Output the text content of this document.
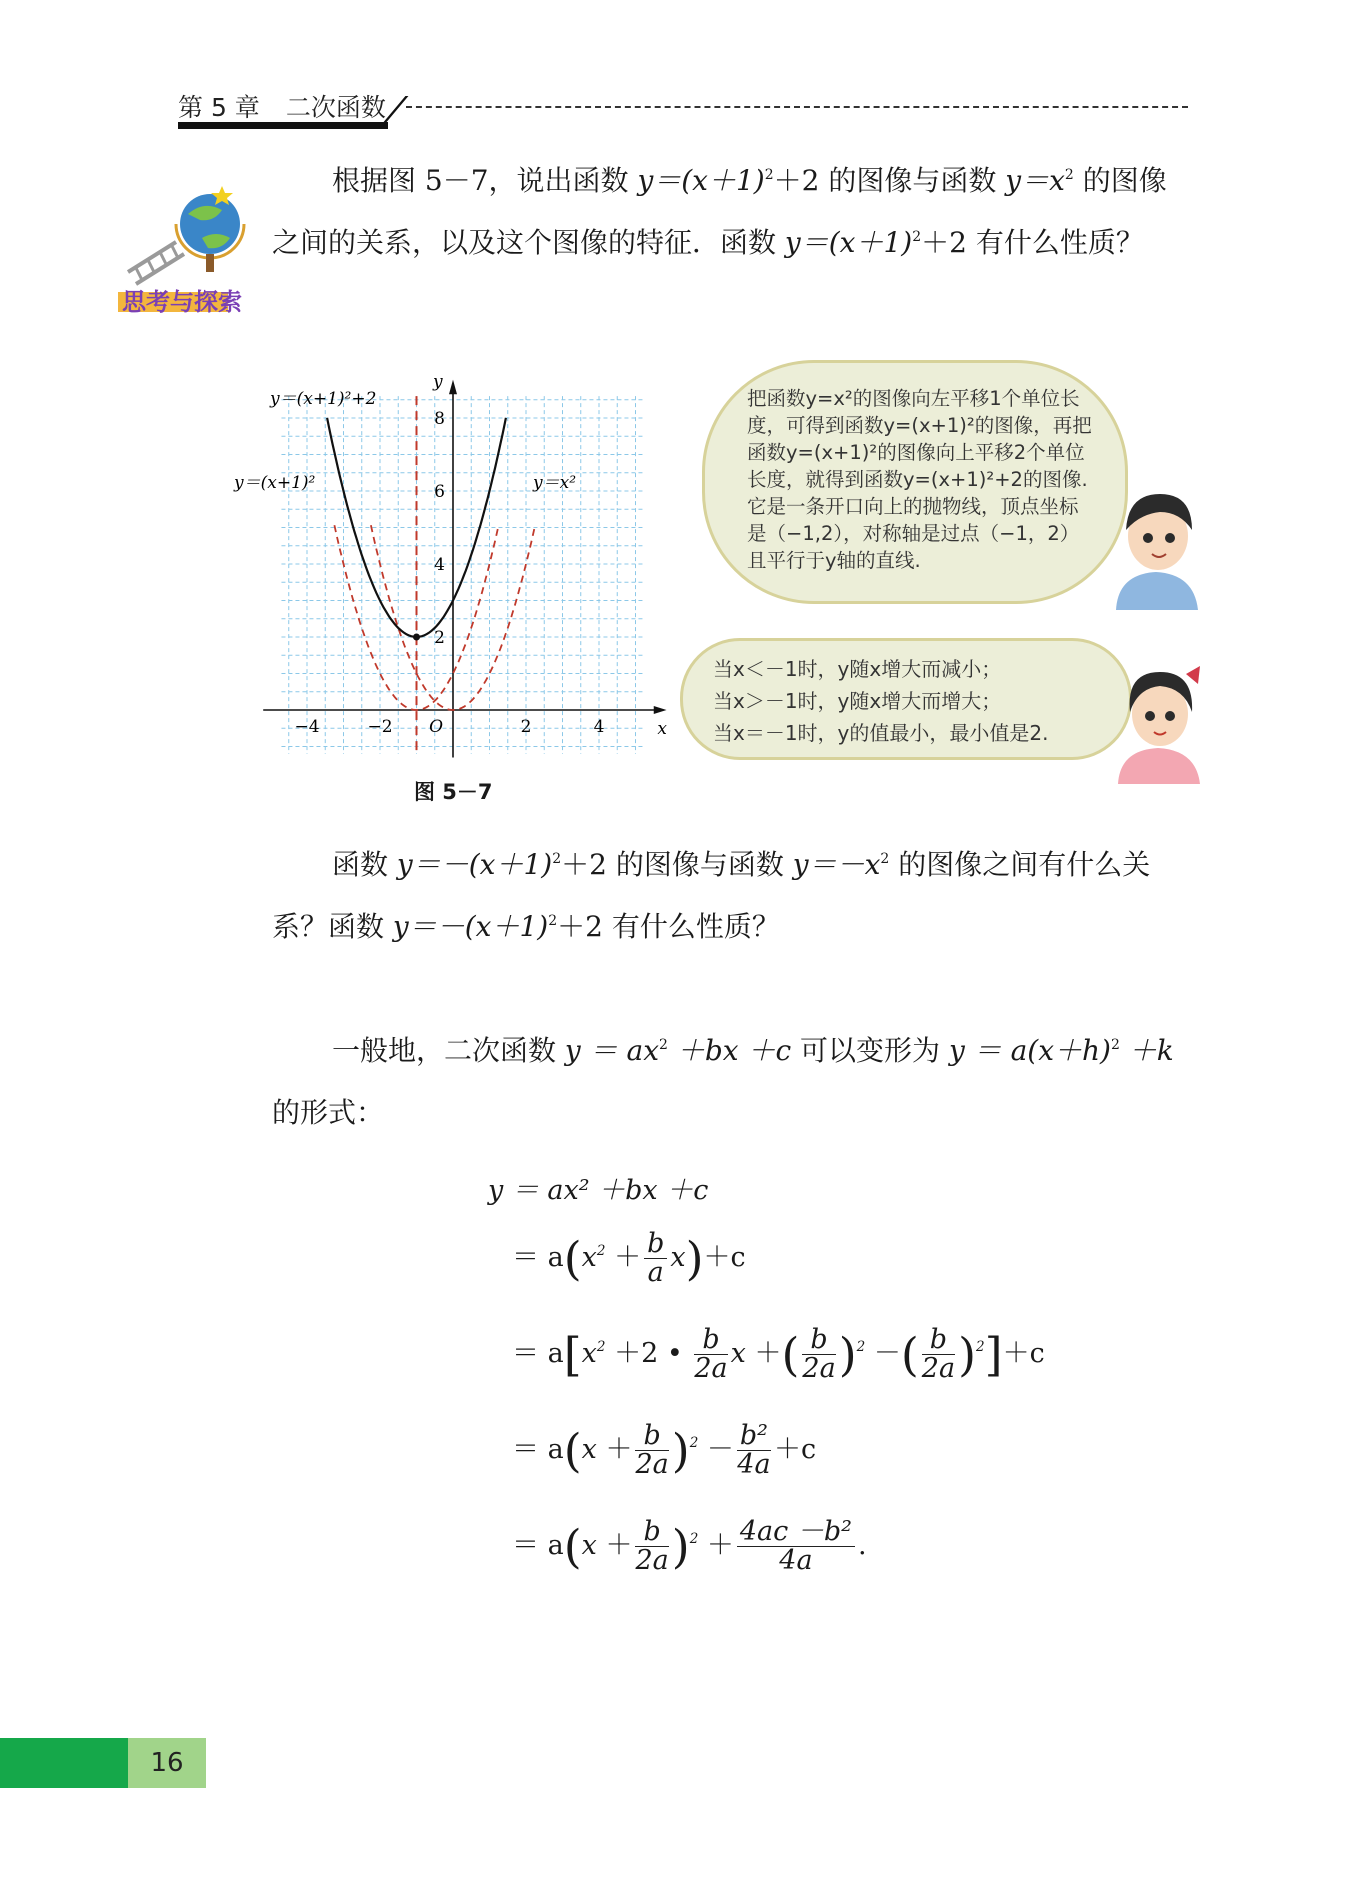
第 5 章 二次函数
思考与探索
根据图 5－7，说出函数 $y=(x+1)^2+2$ 的图像与函数 $y=x^2$ 的图像之间的关系，以及这个图像的特征．函数 $y=(x+1)^2+2$ 有什么性质？
−4	−2	2	4
2
4
6
8
O	x
y
y＝(x+1)²+2
y＝(x+1)²	y＝x²
图 5－7
把函数y=x²的图像向左平移1个单位长度，可得到函数y=(x+1)²的图像，再把函数y=(x+1)²的图像向上平移2个单位长度，就得到函数y=(x+1)²+2的图像.它是一条开口向上的抛物线，顶点坐标是（−1,2），对称轴是过点（−1，2）且平行于y轴的直线.
当x＜－1时，y随x增大而减小；
当x＞－1时，y随x增大而增大；
当x＝－1时，y的值最小，最小值是2.
函数 $y=-(x+1)^2+2$ 的图像与函数 $y=-x^2$ 的图像之间有什么关系？函数 $y=-(x+1)^2+2$ 有什么性质？
一般地，二次函数 $y = ax^2 +bx +c$ 可以变形为 $y = a(x+h)^2 +k$ 的形式：
y ＝ ax² ＋bx ＋c
＝ $a(x^2 + \frac{b}{a} x)+c$
＝ $a[x^2 +2$ • $\frac{b}{2a}$ x ＋( $\frac{b}{2a} )^2$ －( $\frac{b}{2a} )^2]+c$
＝ $a(x + \frac{b}{2a} )^2 - \frac{\text{b²}}{4a} +c$
＝ $a(x + \frac{b}{2a} )^2 + \frac{\text{4ac －b²}}{4a}$ .
16
